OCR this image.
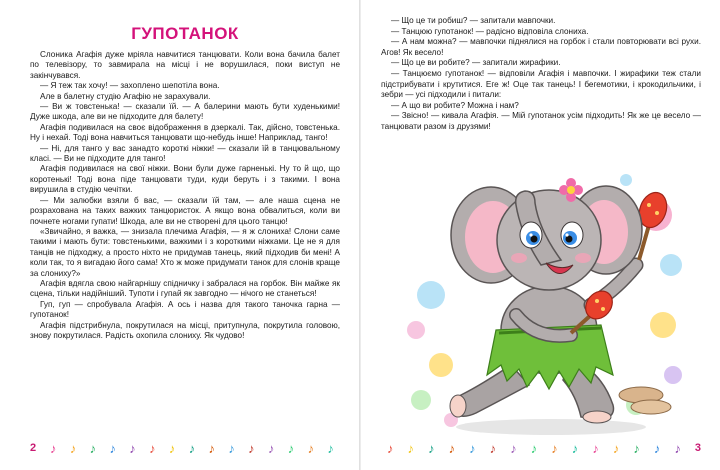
ГУПОТАНОК

Слоника Агафія дуже мріяла навчитися танцювати. Коли вона бачила балет по телевізору, то завмирала на місці і не ворушилася, поки виступ не закінчувався.

— Я теж так хочу! — захоплено шепотіла вона.

Але в балетну студію Агафію не зарахували.

— Ви ж товстенька! — сказали їй. — А балерини мають бути худенькими! Дуже шкода, але ви не підходите для балету!

Агафія подивилася на своє відображення в дзеркалі. Так, дійсно, товстенька. Ну і нехай. Тоді вона навчиться танцювати що-небудь інше! Наприклад, танго!

— Ні, для танго у вас занадто короткі ніжки! — сказали їй в танцювальному класі. — Ви не підходите для танго!

Агафія подивилася на свої ніжки. Вони були дуже гарненькі. Ну то й що, що коротенькі! Тоді вона піде танцювати туди, куди беруть і з такими. І вона вирушила в студію чечітки.

— Ми залюбки взяли б вас, — сказали їй там, — але наша сцена не розрахована на таких важких танцюристок. А якщо вона обвалиться, коли ви почнете ногами гупати! Шкода, але ви не створені для цього танцю!

«Звичайно, я важка, — знизала плечима Агафія, — я ж слониха! Слони саме такими і мають бути: товстенькими, важкими і з короткими ніжками. Це не я для танців не підходжу, а просто ніхто не придумав танець, який підходив би мені! А коли так, то я вигадаю його сама! Хто ж може придумати танок для слонів краще за слониху?»

Агафія вдягла свою найгарнішу спідничку і забралася на горбок. Він майже як сцена, тільки надійніший. Тупоти і гупай як завгодно — нічого не станеться!

Гуп, гуп — спробувала Агафія. А ось і назва для такого таночка гарна — гупотанок!

Агафія підстрибнула, покрутилася на місці, притупнула, покрутила головою, знову покрутилася. Радість охопила слониху. Як чудово!

2	♪ ♪ ♪ ♪ ♪ ♪ ♪ ♪ ♪ ♪ ♪ ♪ ♪ ♪ ♪

— Що це ти робиш? — запитали мавпочки.

— Танцюю гупотанок! — радісно відповіла слониха.

— А нам можна? — мавпочки піднялися на горбок і стали повторювати всі рухи. Агов! Як весело!

— Що це ви робите? — запитали жирафики.

— Танцюємо гупотанок! — відповіли Агафія і мавпочки. І жирафики теж стали підстрибувати і крутитися. Еге ж! Оце так танець! І бегемотики, і крокодильчики, і зебри — усі підходили і питали:

— А що ви робите? Можна і нам?

— Звісно! — кивала Агафія. — Мій гупотанок усім підходить! Як же це весело — танцювати разом із друзями!

♪ ♪ ♪ ♪ ♪ ♪ ♪ ♪ ♪ ♪ ♪ ♪ ♪ ♪ ♪	3
